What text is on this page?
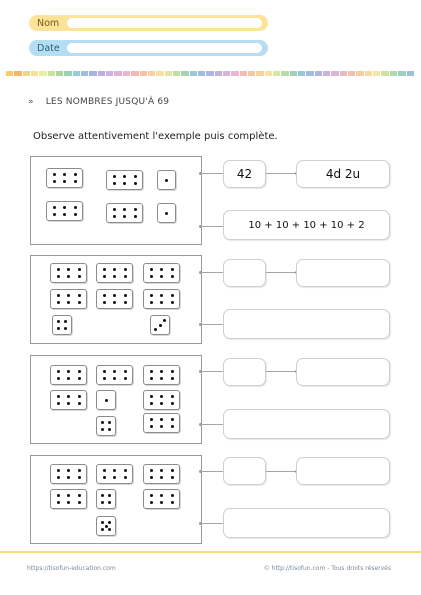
Nom
Date
» LES NOMBRES JUSQU'À 69
Observe attentivement l'exemple puis complète.
42	4d 2u
10 + 10 + 10 + 10 + 2
https://tisofun-education.com	© http://tisofun.com - Tous droits réservés
